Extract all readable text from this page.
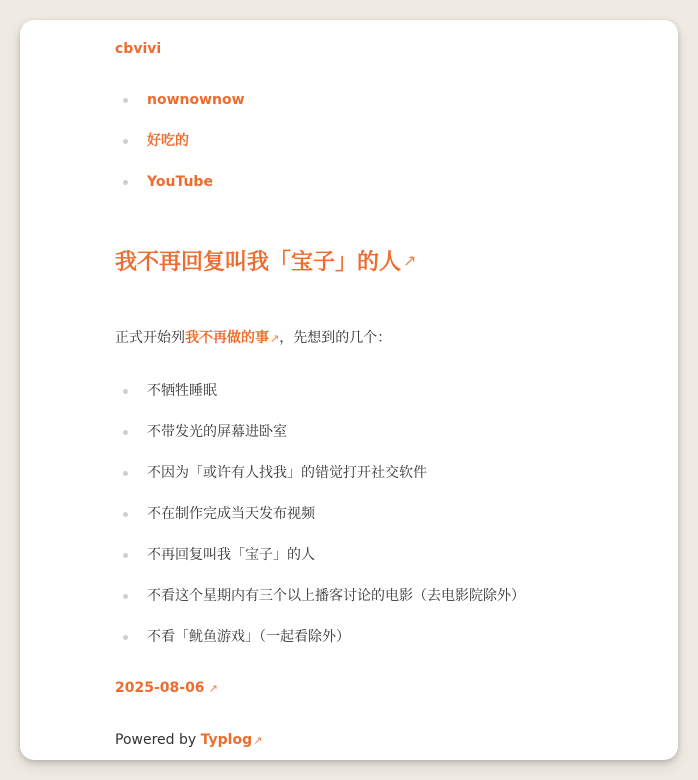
cbvivi
nownownow
好吃的
YouTube
我不再回复叫我「宝子」的人 ↗

正式开始列我不再做的事↗，先想到的几个：

不牺牲睡眠
不带发光的屏幕进卧室
不因为「或许有人找我」的错觉打开社交软件
不在制作完成当天发布视频
不再回复叫我「宝子」的人
不看这个星期内有三个以上播客讨论的电影（去电影院除外）
不看「鱿鱼游戏」（一起看除外）
2025-08-06 ↗
Powered by Typlog↗
